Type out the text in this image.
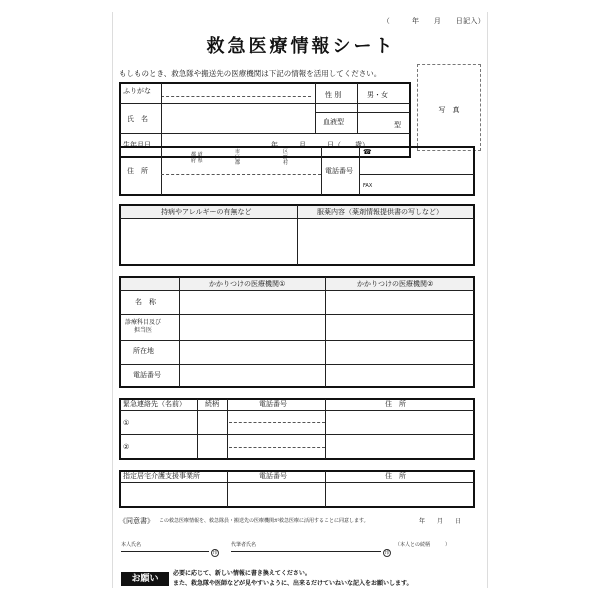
（　　　年　　月　　日記入）
救急医療情報シート
もしものとき、救急隊や搬送先の医療機関は下記の情報を活用してください。
写　真
ふりがな
氏　名
性 別	男・女
血液型	型
生年月日	年　　　月　　　日（　　歳）
住　所
都 道
府 県
市
区
郡
区
町
村
電話番号
☎
FAX
持病やアレルギーの有無など	服薬内容（薬剤情報提供書の写しなど）
かかりつけの医療機関①	かかりつけの医療機関②
名　称
診療科目及び
担当医
所在地
電話番号
緊急連絡先（名前）	続柄	電話番号	住　所
①
②
指定居宅介護支援事業所	電話番号	住　所
《同意書》 この救急医療情報を、救急隊員・搬送先の医療機関が救急医療に活用することに同意します。	年　　月　　日
本人氏名
印
代筆者氏名
印
（本人との続柄　　　）
お願い
必要に応じて、新しい情報に書き換えてください。
また、救急隊や医師などが見やすいように、出来るだけていねいな記入をお願いします。
